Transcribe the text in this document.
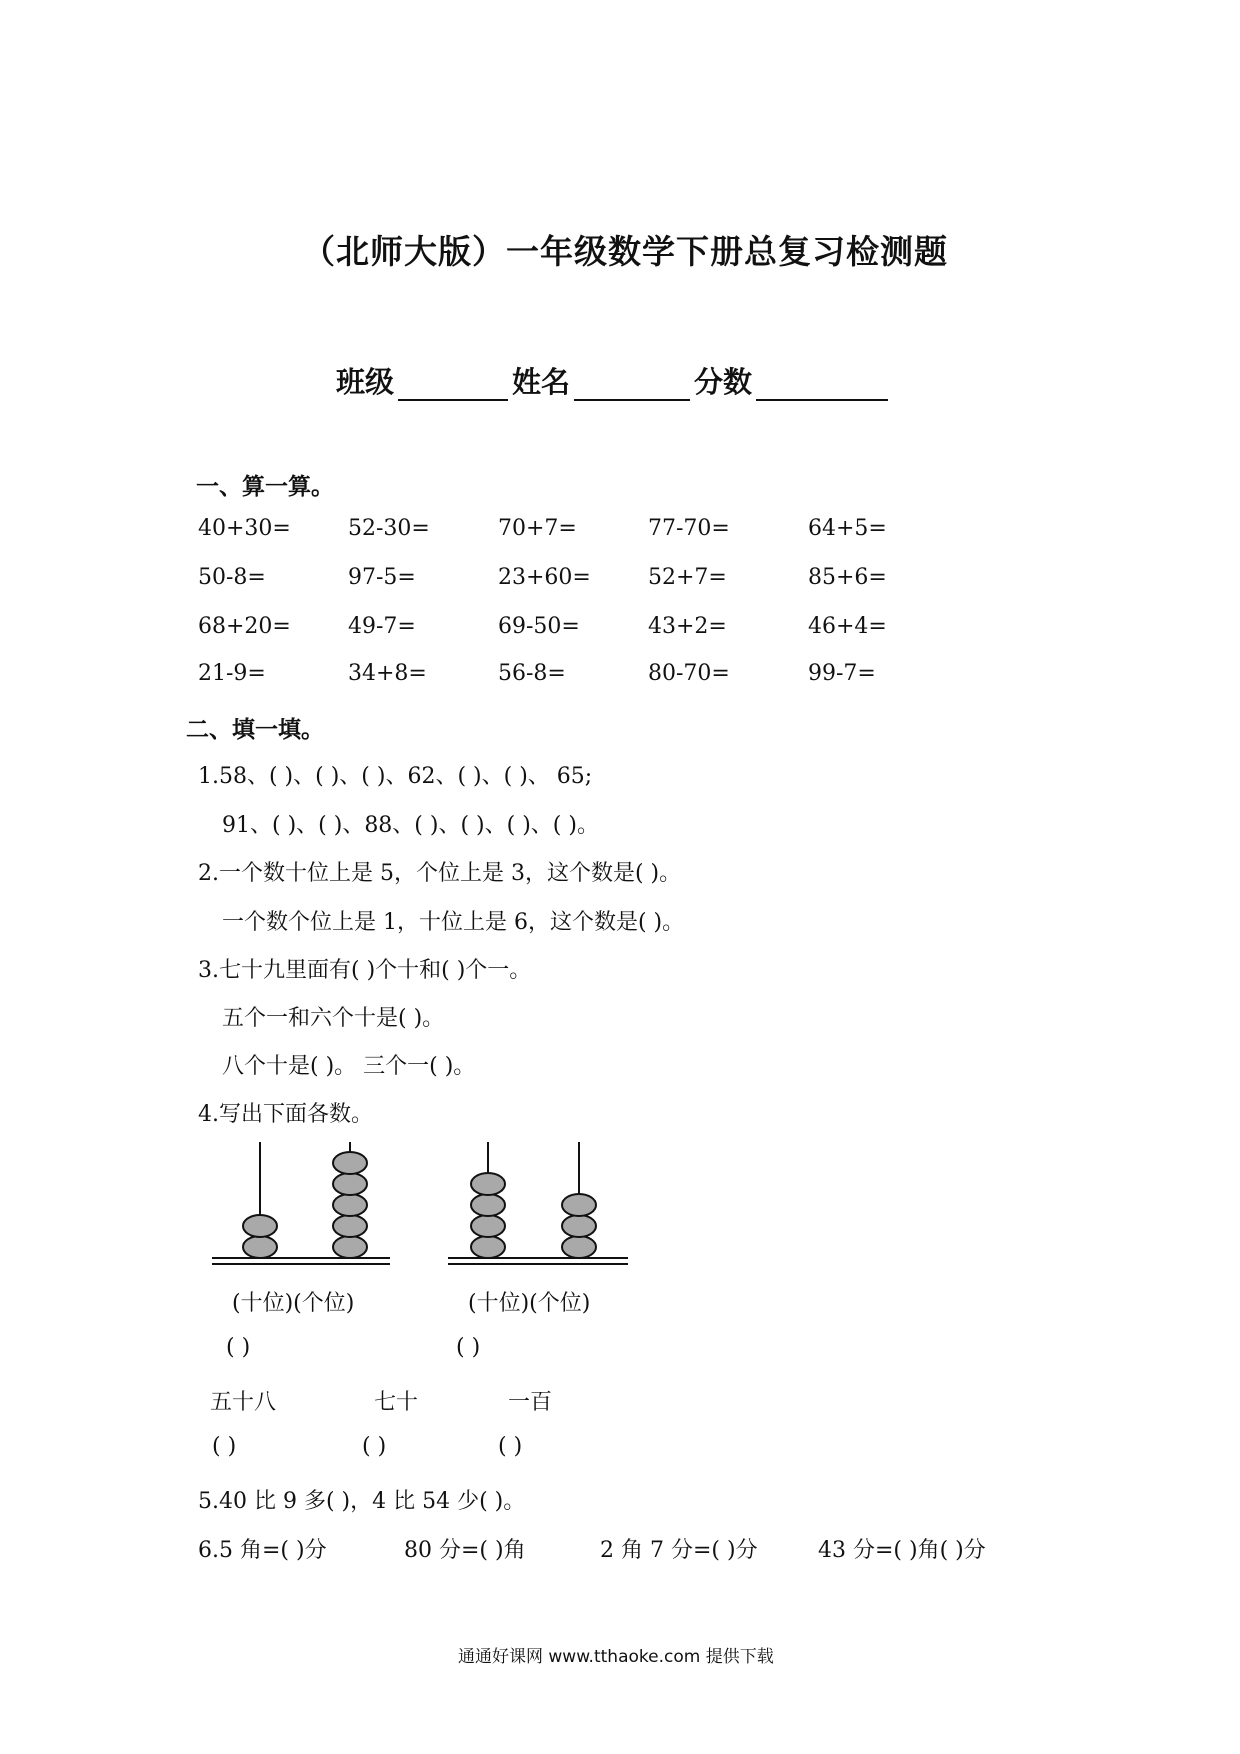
（北师大版）一年级数学下册总复习检测题
班级	姓名	分数
一、算一算。
40+30=	52-30=	70+7=	77-70=	64+5=
50-8=	97-5=	23+60=	52+7=	85+6=
68+20=	49-7=	69-50=	43+2=	46+4=
21-9=	34+8=	56-8=	80-70=	99-7=
二、填一填。
1.58、( )、( )、( )、62、( )、( )、 65;
91、( )、( )、88、( )、( )、( )、( )。
2.一个数十位上是 5，个位上是 3，这个数是( )。
一个数个位上是 1，十位上是 6，这个数是( )。
3.七十九里面有( )个十和( )个一。
五个一和六个十是( )。
八个十是( )。 三个一( )。
4.写出下面各数。
(十位)(个位)	(十位)(个位)
( )	( )
五十八	七十	一百
( )	( )	( )
5.40 比 9 多( )，4 比 54 少( )。
6.5 角=( )分	80 分=( )角	2 角 7 分=( )分	43 分=( )角( )分
通通好课网 www.tthaoke.com 提供下载
